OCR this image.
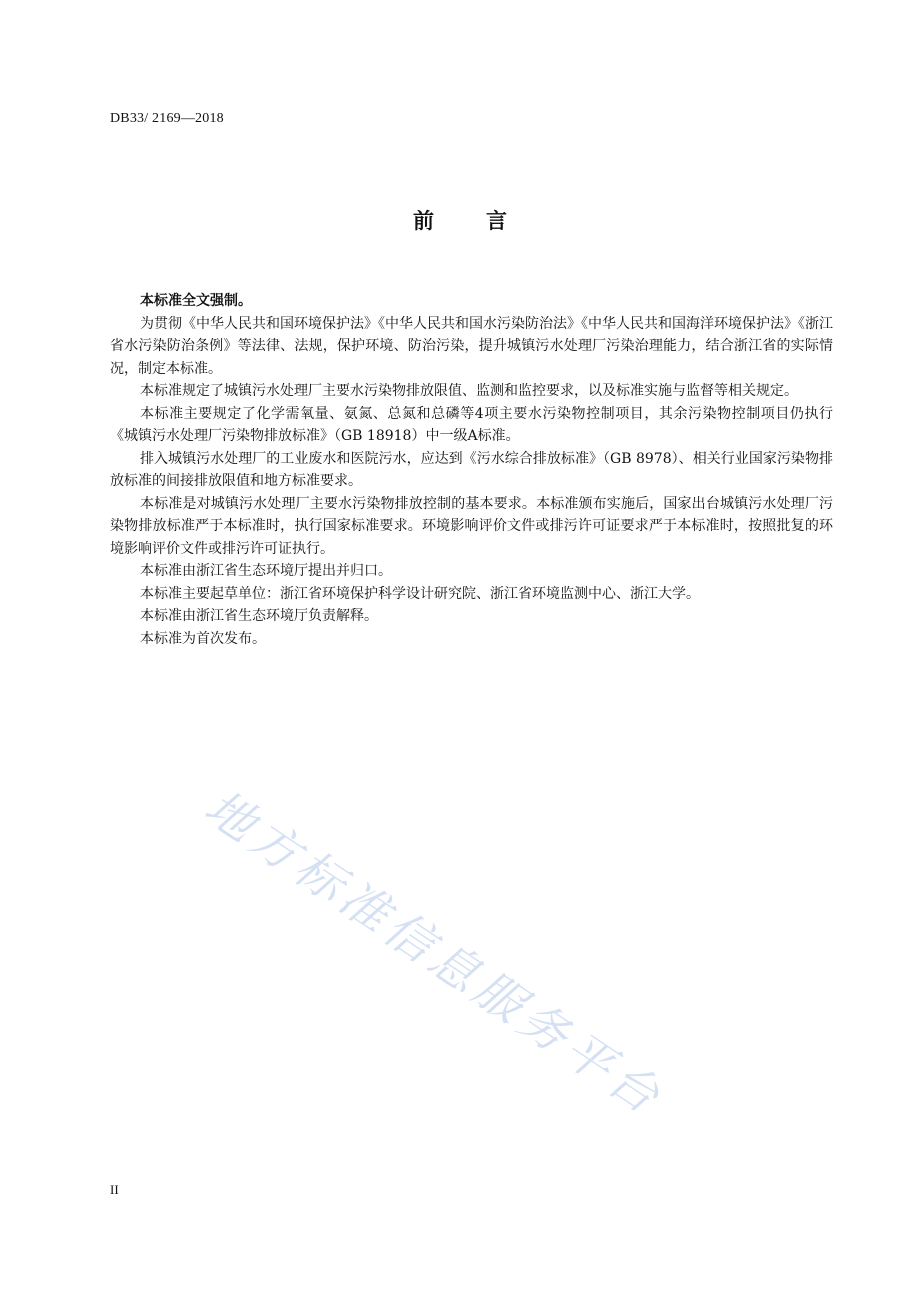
DB33/ 2169—2018
前 言

本标准全文强制。

为贯彻《中华人民共和国环境保护法》《中华人民共和国水污染防治法》《中华人民共和国海洋环境保护法》《浙江省水污染防治条例》等法律、法规，保护环境、防治污染，提升城镇污水处理厂污染治理能力，结合浙江省的实际情况，制定本标准。

本标准规定了城镇污水处理厂主要水污染物排放限值、监测和监控要求，以及标准实施与监督等相关规定。

本标准主要规定了化学需氧量、氨氮、总氮和总磷等4项主要水污染物控制项目，其余污染物控制项目仍执行《城镇污水处理厂污染物排放标准》（GB 18918）中一级A标准。

排入城镇污水处理厂的工业废水和医院污水，应达到《污水综合排放标准》（GB 8978）、相关行业国家污染物排放标准的间接排放限值和地方标准要求。

本标准是对城镇污水处理厂主要水污染物排放控制的基本要求。本标准颁布实施后，国家出台城镇污水处理厂污染物排放标准严于本标准时，执行国家标准要求。环境影响评价文件或排污许可证要求严于本标准时，按照批复的环境影响评价文件或排污许可证执行。

本标准由浙江省生态环境厅提出并归口。

本标准主要起草单位：浙江省环境保护科学设计研究院、浙江省环境监测中心、浙江大学。

本标准由浙江省生态环境厅负责解释。

本标准为首次发布。

地方标准信息服务平台
II
